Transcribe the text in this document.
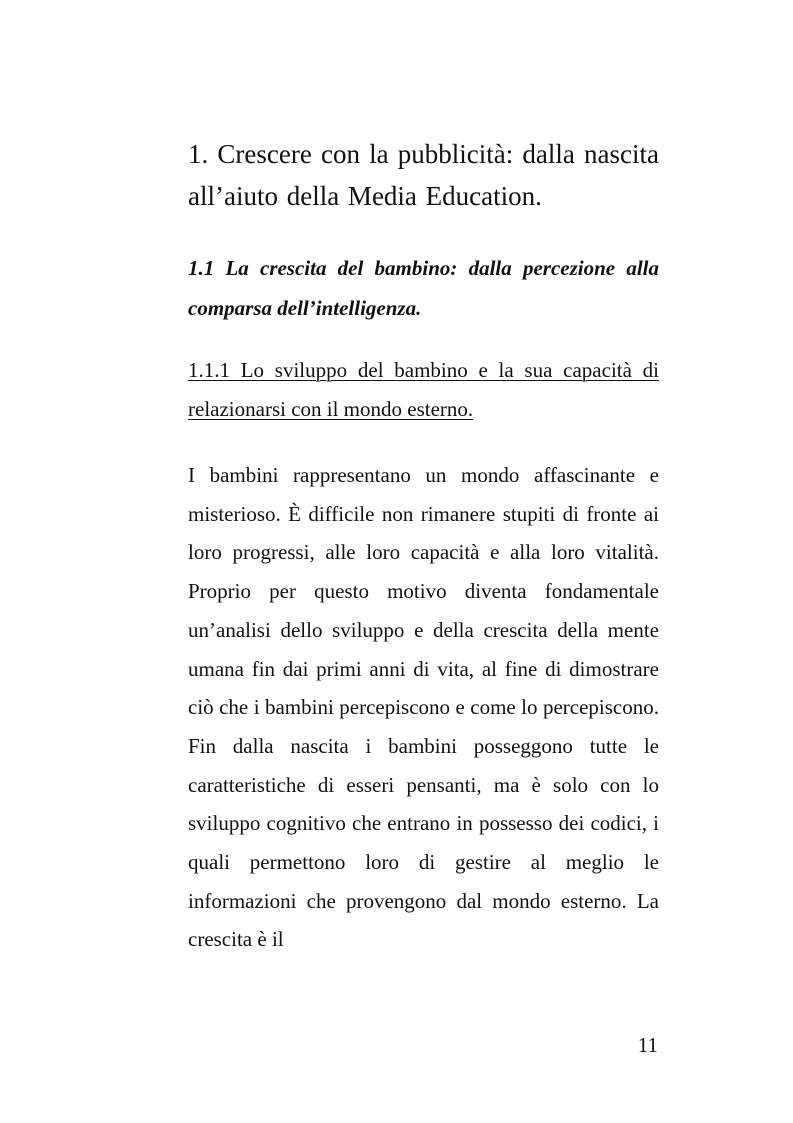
1. Crescere con la pubblicità: dalla nascita all’aiuto della Media Education.
1.1 La crescita del bambino: dalla percezione alla comparsa dell’intelligenza.
1.1.1 Lo sviluppo del bambino e la sua capacità di relazionarsi con il mondo esterno.
I bambini rappresentano un mondo affascinante e misterioso. È difficile non rimanere stupiti di fronte ai loro progressi, alle loro capacità e alla loro vitalità. Proprio per questo motivo diventa fondamentale un’analisi dello sviluppo e della crescita della mente umana fin dai primi anni di vita, al fine di dimostrare ciò che i bambini percepiscono e come lo percepiscono. Fin dalla nascita i bambini posseggono tutte le caratteristiche di esseri pensanti, ma è solo con lo sviluppo cognitivo che entrano in possesso dei codici, i quali permettono loro di gestire al meglio le informazioni che provengono dal mondo esterno. La crescita è il
11
